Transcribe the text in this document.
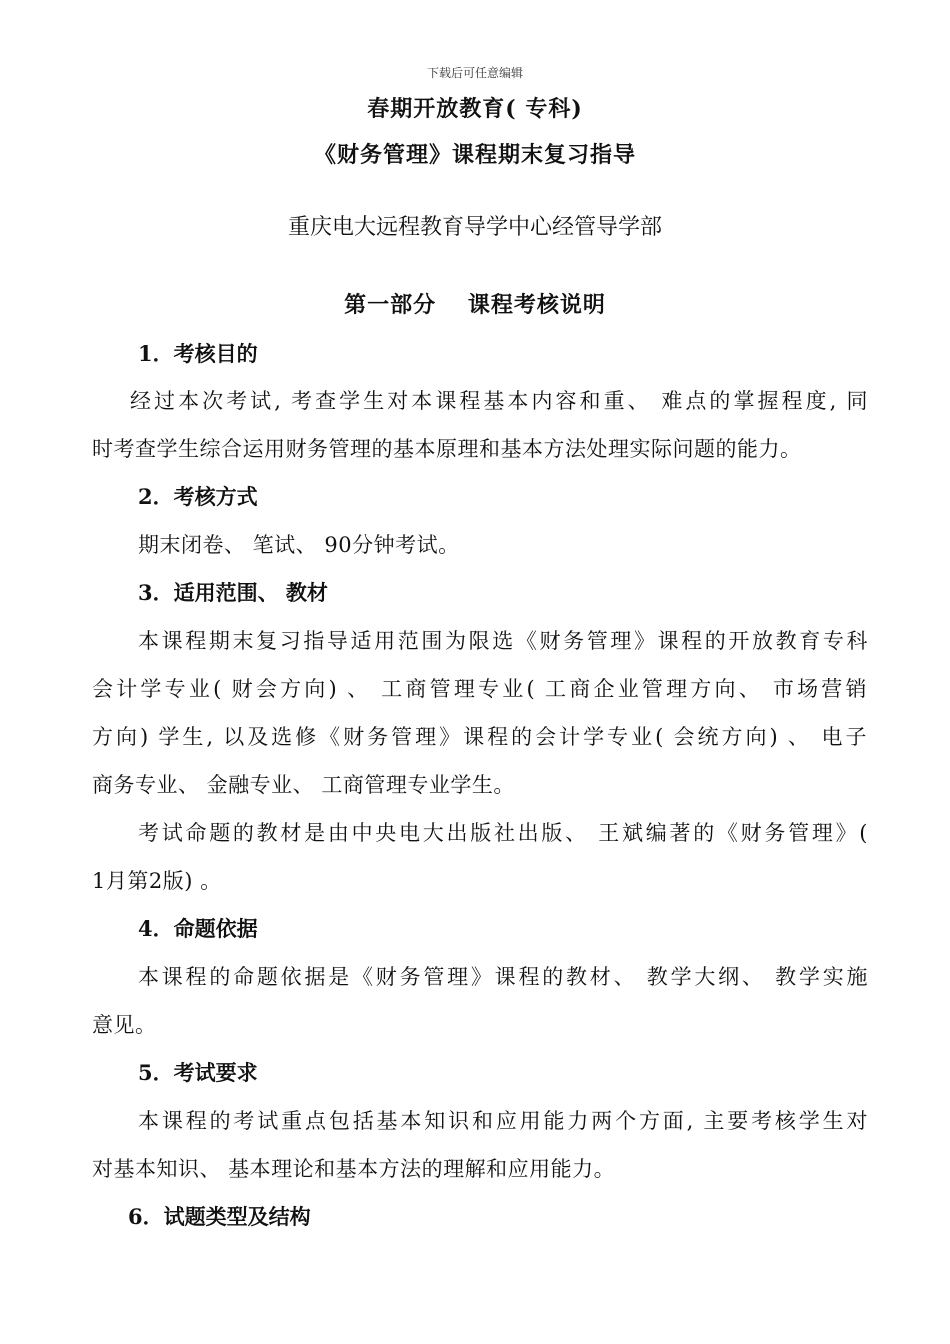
下载后可任意编辑
春期开放教育( 专科)
《财务管理》课程期末复习指导
重庆电大远程教育导学中心经管导学部
第一部分　 课程考核说明
1．考核目的
经过本次考试, 考查学生对本课程基本内容和重、 难点的掌握程度, 同
时考查学生综合运用财务管理的基本原理和基本方法处理实际问题的能力。
2．考核方式
期末闭卷、 笔试、 90分钟考试。
3．适用范围、 教材
本课程期末复习指导适用范围为限选《财务管理》课程的开放教育专科
会计学专业( 财会方向) 、 工商管理专业( 工商企业管理方向、 市场营销
方向) 学生, 以及选修《财务管理》课程的会计学专业( 会统方向) 、 电子
商务专业、 金融专业、 工商管理专业学生。
考试命题的教材是由中央电大出版社出版、 王斌编著的《财务管理》(
1月第2版) 。
4．命题依据
本课程的命题依据是《财务管理》课程的教材、 教学大纲、 教学实施
意见。
5．考试要求
本课程的考试重点包括基本知识和应用能力两个方面, 主要考核学生对
对基本知识、 基本理论和基本方法的理解和应用能力。
6．试题类型及结构
